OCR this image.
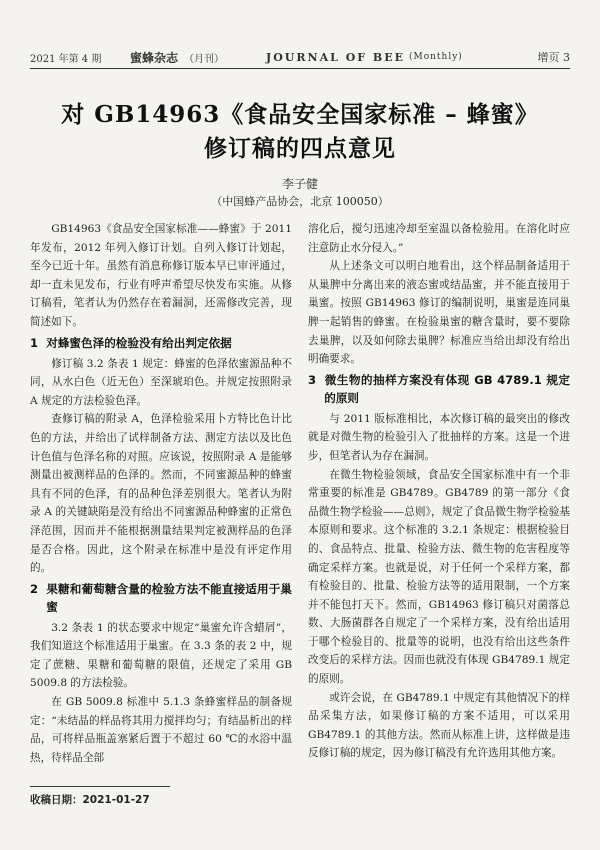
2021 年第 4 期	蜜蜂杂志 （月刊）	JOURNAL OF BEE (Monthly)	增页 3
对 GB14963《食品安全国家标准 – 蜂蜜》
修订稿的四点意见
李子健
（中国蜂产品协会，北京 100050）

GB14963《食品安全国家标准——蜂蜜》于 2011 年发布，2012 年列入修订计划。自列入修订计划起，至今已近十年。虽然有消息称修订版本早已审评通过，却一直未见发布，行业有呼声希望尽快发布实施。从修订稿看，笔者认为仍然存在着漏洞，还需修改完善，现简述如下。

1 对蜂蜜色泽的检验没有给出判定依据

修订稿 3.2 条表 1 规定：蜂蜜的色泽依蜜源品种不同，从水白色（近无色）至深琥珀色。并规定按照附录 A 规定的方法检验色泽。

查修订稿的附录 A，色泽检验采用卜方特比色计比色的方法，并给出了试样制备方法、测定方法以及比色计色值与色泽名称的对照。应该说，按照附录 A 是能够测量出被测样品的色泽的。然而，不同蜜源品种的蜂蜜具有不同的色泽，有的品种色泽差别很大。笔者认为附录 A 的关键缺陷是没有给出不同蜜源品种蜂蜜的正常色泽范围，因而并不能根据测量结果判定被测样品的色泽是否合格。因此，这个附录在标准中是没有评定作用的。

2 果糖和葡萄糖含量的检验方法不能直接适用于巢蜜

3.2 条表 1 的状态要求中规定“巢蜜允许含蜡屑”，我们知道这个标准适用于巢蜜。在 3.3 条的表 2 中，规定了蔗糖、果糖和葡萄糖的限值，还规定了采用 GB 5009.8 的方法检验。

在 GB 5009.8 标准中 5.1.3 条蜂蜜样品的制备规定：“未结晶的样品将其用力搅拌均匀；有结晶析出的样品，可将样品瓶盖塞紧后置于不超过 60 ℃的水浴中温热，待样品全部

溶化后，搅匀迅速冷却至室温以备检验用。在溶化时应注意防止水分侵入。”

从上述条文可以明白地看出，这个样品制备适用于从巢脾中分离出来的液态蜜或结晶蜜，并不能直接用于巢蜜。按照 GB14963 修订的编制说明，巢蜜是连同巢脾一起销售的蜂蜜。在检验巢蜜的糖含量时，要不要除去巢脾，以及如何除去巢脾？标准应当给出却没有给出明确要求。

3 微生物的抽样方案没有体现 GB 4789.1 规定的原则

与 2011 版标准相比，本次修订稿的最突出的修改就是对微生物的检验引入了批抽样的方案。这是一个进步，但笔者认为存在漏洞。

在微生物检验领域，食品安全国家标准中有一个非常重要的标准是 GB4789。GB4789 的第一部分《食品微生物学检验——总则》，规定了食品微生物学检验基本原则和要求。这个标准的 3.2.1 条规定：根据检验目的、食品特点、批量、检验方法、微生物的危害程度等确定采样方案。也就是说，对于任何一个采样方案，都有检验目的、批量、检验方法等的适用限制，一个方案并不能包打天下。然而，GB14963 修订稿只对菌落总数、大肠菌群各自规定了一个采样方案，没有给出适用于哪个检验目的、批量等的说明，也没有给出这些条件改变后的采样方法。因而也就没有体现 GB4789.1 规定的原则。

或许会说，在 GB4789.1 中规定有其他情况下的样品采集方法，如果修订稿的方案不适用，可以采用 GB4789.1 的其他方法。然而从标准上讲，这样做是违反修订稿的规定，因为修订稿没有允许选用其他方案。

收稿日期：2021-01-27
